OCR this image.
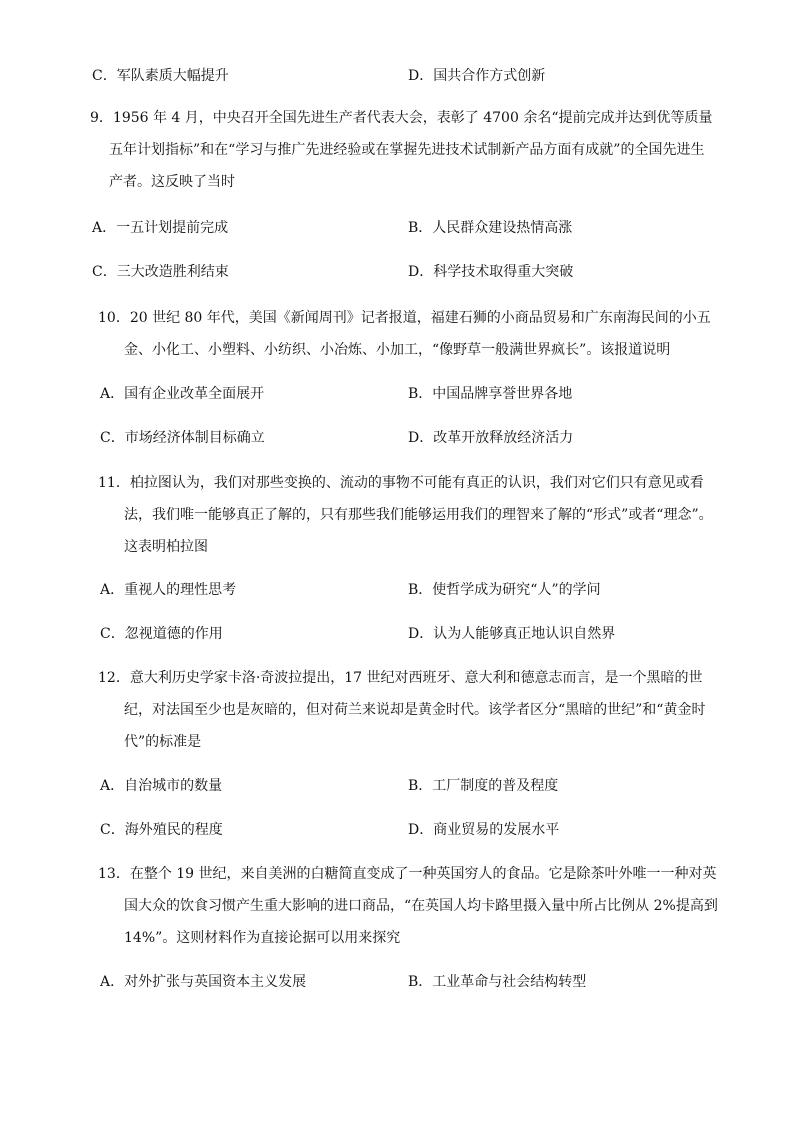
C．军队素质大幅提升	D．国共合作方式创新
9．1956 年 4 月，中央召开全国先进生产者代表大会，表彰了 4700 余名“提前完成并达到优等质量五年计划指标”和在“学习与推广先进经验或在掌握先进技术试制新产品方面有成就”的全国先进生产者。这反映了当时
A．一五计划提前完成	B．人民群众建设热情高涨
C．三大改造胜利结束	D．科学技术取得重大突破
10．20 世纪 80 年代，美国《新闻周刊》记者报道，福建石狮的小商品贸易和广东南海民间的小五金、小化工、小塑料、小纺织、小冶炼、小加工，“像野草一般满世界疯长”。该报道说明
A．国有企业改革全面展开	B．中国品牌享誉世界各地
C．市场经济体制目标确立	D．改革开放释放经济活力
11．柏拉图认为，我们对那些变换的、流动的事物不可能有真正的认识，我们对它们只有意见或看法，我们唯一能够真正了解的，只有那些我们能够运用我们的理智来了解的“形式”或者“理念”。这表明柏拉图
A．重视人的理性思考	B．使哲学成为研究“人”的学问
C．忽视道德的作用	D．认为人能够真正地认识自然界
12．意大利历史学家卡洛·奇波拉提出，17 世纪对西班牙、意大利和德意志而言，是一个黑暗的世纪，对法国至少也是灰暗的，但对荷兰来说却是黄金时代。该学者区分“黑暗的世纪”和“黄金时代”的标准是
A．自治城市的数量	B．工厂制度的普及程度
C．海外殖民的程度	D．商业贸易的发展水平
13．在整个 19 世纪，来自美洲的白糖简直变成了一种英国穷人的食品。它是除茶叶外唯一一种对英国大众的饮食习惯产生重大影响的进口商品，“在英国人均卡路里摄入量中所占比例从 2%提高到 14%”。这则材料作为直接论据可以用来探究
A．对外扩张与英国资本主义发展	B．工业革命与社会结构转型
